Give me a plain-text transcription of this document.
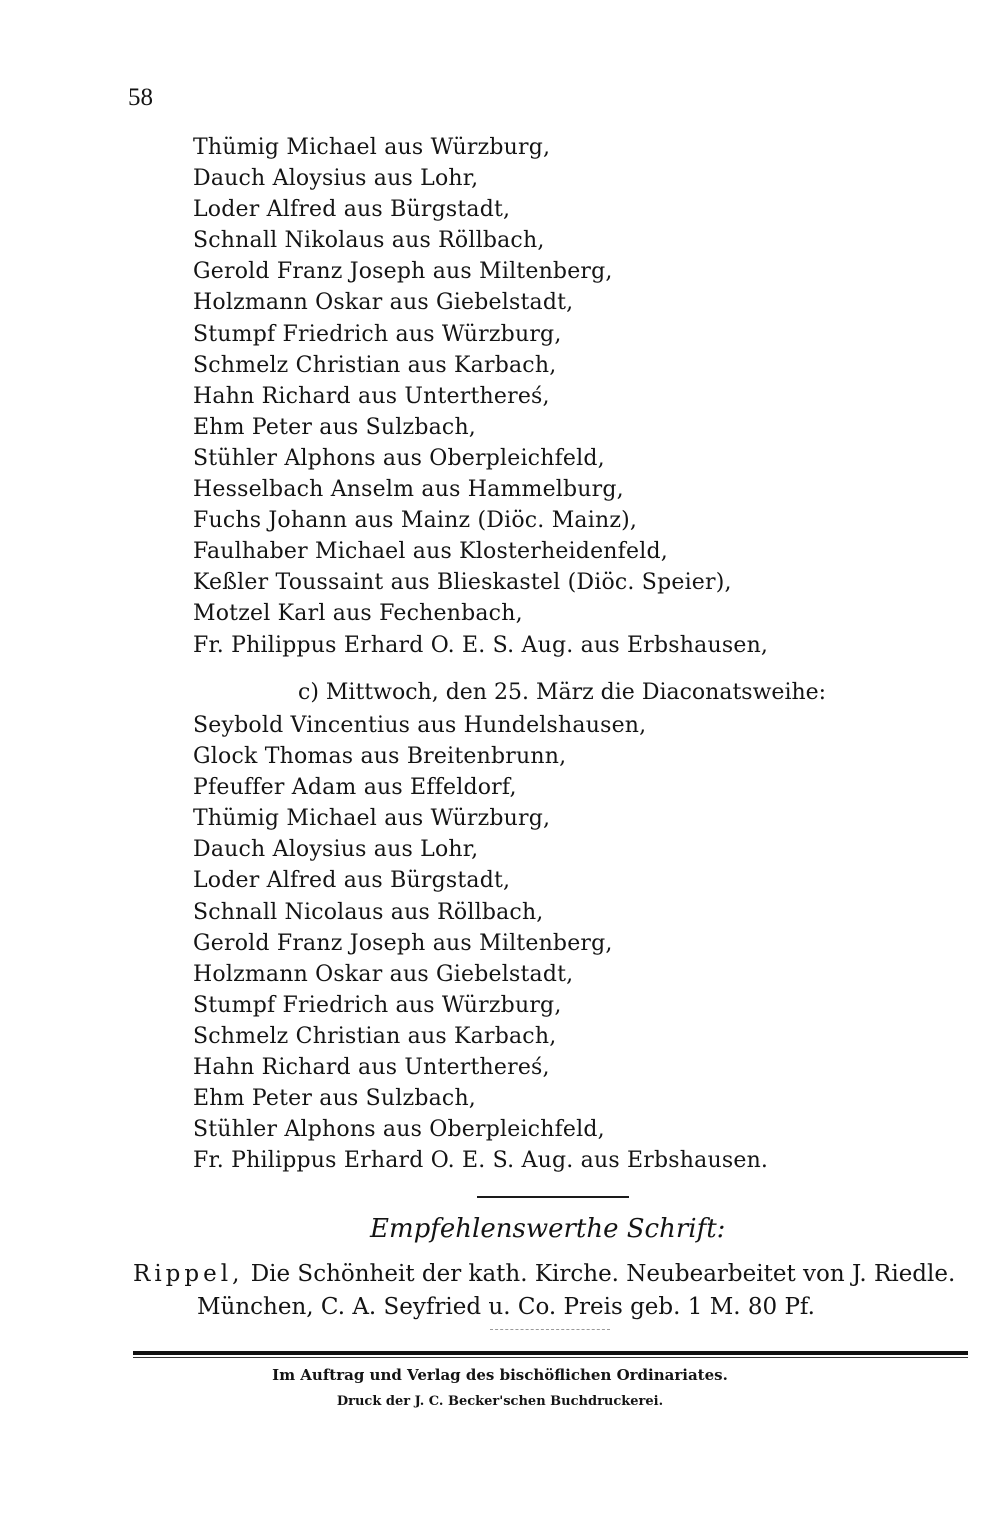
58
Thümig Michael aus Würzburg,
Dauch Aloysius aus Lohr,
Loder Alfred aus Bürgstadt,
Schnall Nikolaus aus Röllbach,
Gerold Franz Joseph aus Miltenberg,
Holzmann Oskar aus Giebelstadt,
Stumpf Friedrich aus Würzburg,
Schmelz Christian aus Karbach,
Hahn Richard aus Unterthereś,
Ehm Peter aus Sulzbach,
Stühler Alphons aus Oberpleichfeld,
Hesselbach Anselm aus Hammelburg,
Fuchs Johann aus Mainz (Diöc. Mainz),
Faulhaber Michael aus Klosterheidenfeld,
Keßler Toussaint aus Blieskastel (Diöc. Speier),
Motzel Karl aus Fechenbach,
Fr. Philippus Erhard O. E. S. Aug. aus Erbshausen,
c) Mittwoch, den 25. März die Diaconatsweihe:
Seybold Vincentius aus Hundelshausen,
Glock Thomas aus Breitenbrunn,
Pfeuffer Adam aus Effeldorf,
Thümig Michael aus Würzburg,
Dauch Aloysius aus Lohr,
Loder Alfred aus Bürgstadt,
Schnall Nicolaus aus Röllbach,
Gerold Franz Joseph aus Miltenberg,
Holzmann Oskar aus Giebelstadt,
Stumpf Friedrich aus Würzburg,
Schmelz Christian aus Karbach,
Hahn Richard aus Unterthereś,
Ehm Peter aus Sulzbach,
Stühler Alphons aus Oberpleichfeld,
Fr. Philippus Erhard O. E. S. Aug. aus Erbshausen.
Empfehlenswerthe Schrift:
Rippel, Die Schönheit der kath. Kirche. Neubearbeitet von J. Riedle.
München, C. A. Seyfried u. Co. Preis geb. 1 M. 80 Pf.
Im Auftrag und Verlag des bischöflichen Ordinariates.
Druck der J. C. Becker'schen Buchdruckerei.
